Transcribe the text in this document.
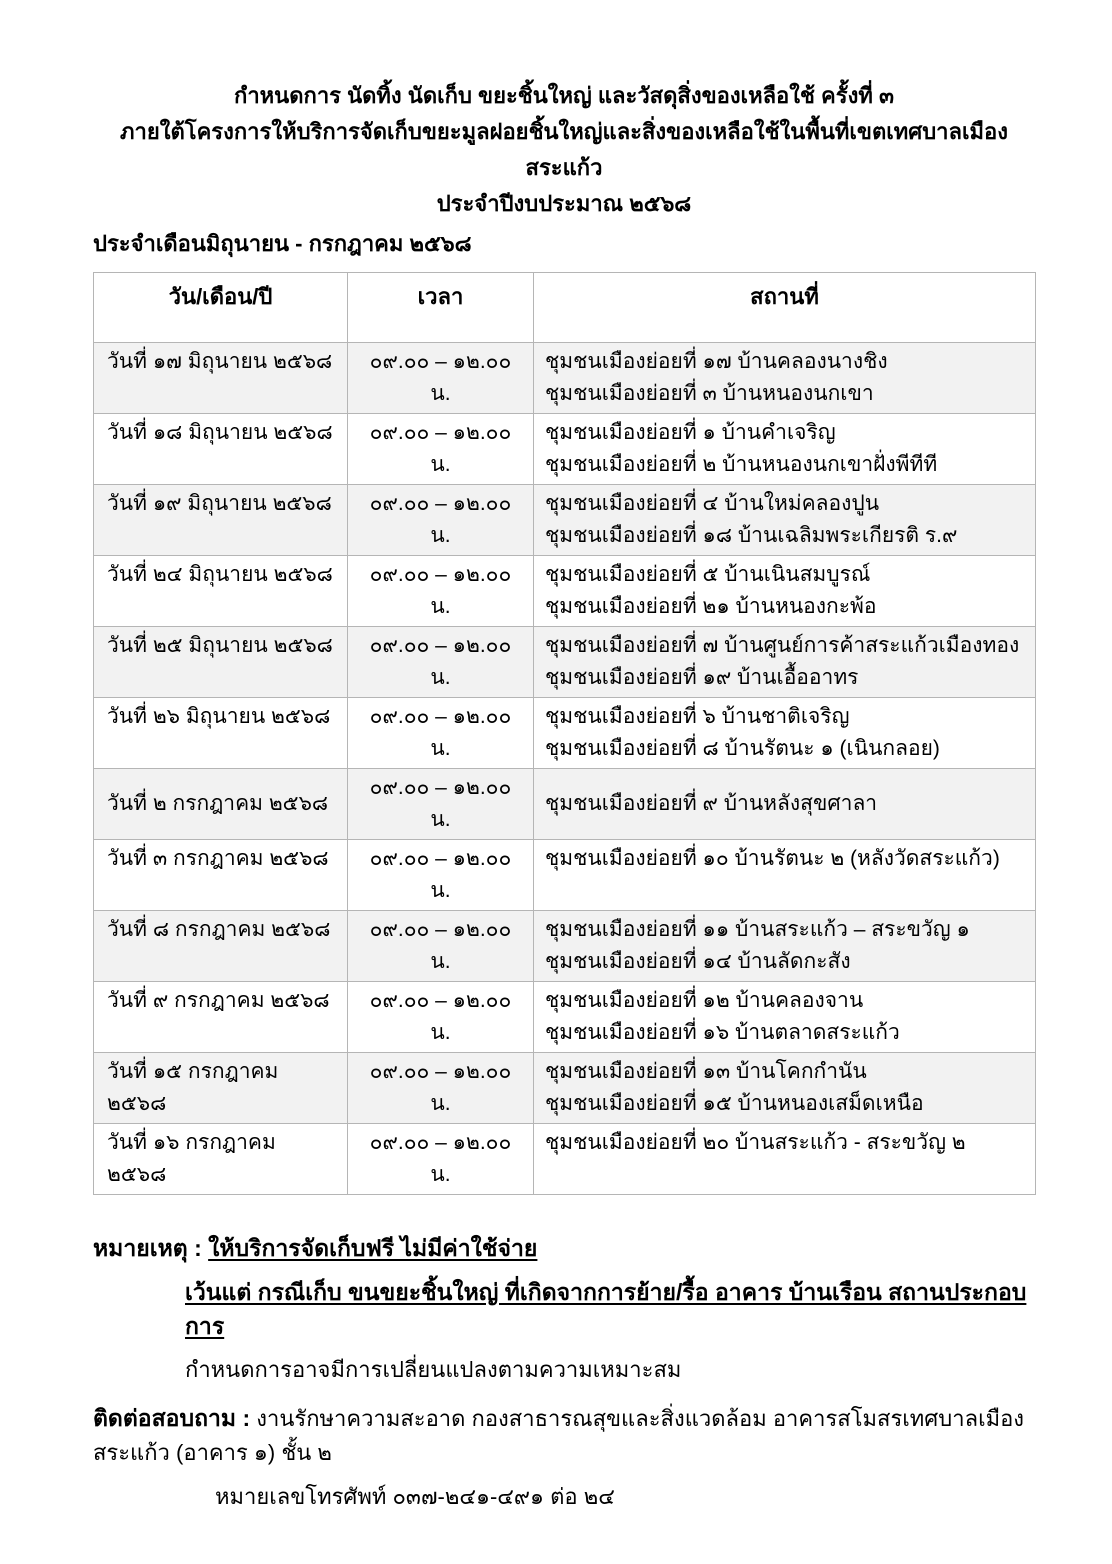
กำหนดการ นัดทิ้ง นัดเก็บ ขยะชิ้นใหญ่ และวัสดุสิ่งของเหลือใช้ ครั้งที่ ๓
ภายใต้โครงการให้บริการจัดเก็บขยะมูลฝอยชิ้นใหญ่และสิ่งของเหลือใช้ในพื้นที่เขตเทศบาลเมืองสระแก้ว
ประจำปีงบประมาณ ๒๕๖๘
ประจำเดือนมิถุนายน - กรกฎาคม ๒๕๖๘
วัน/เดือน/ปี	เวลา	สถานที่
วันที่ ๑๗ มิถุนายน ๒๕๖๘	๐๙.๐๐ – ๑๒.๐๐ น.	ชุมชนเมืองย่อยที่ ๑๗ บ้านคลองนางชิง
ชุมชนเมืองย่อยที่ ๓ บ้านหนองนกเขา

วันที่ ๑๘ มิถุนายน ๒๕๖๘	๐๙.๐๐ – ๑๒.๐๐ น.	ชุมชนเมืองย่อยที่ ๑ บ้านคำเจริญ
ชุมชนเมืองย่อยที่ ๒ บ้านหนองนกเขาฝั่งพีทีที

วันที่ ๑๙ มิถุนายน ๒๕๖๘	๐๙.๐๐ – ๑๒.๐๐ น.	ชุมชนเมืองย่อยที่ ๔ บ้านใหม่คลองปูน
ชุมชนเมืองย่อยที่ ๑๘ บ้านเฉลิมพระเกียรติ ร.๙

วันที่ ๒๔ มิถุนายน ๒๕๖๘	๐๙.๐๐ – ๑๒.๐๐ น.	ชุมชนเมืองย่อยที่ ๕ บ้านเนินสมบูรณ์
ชุมชนเมืองย่อยที่ ๒๑ บ้านหนองกะพ้อ

วันที่ ๒๕ มิถุนายน ๒๕๖๘	๐๙.๐๐ – ๑๒.๐๐ น.	ชุมชนเมืองย่อยที่ ๗ บ้านศูนย์การค้าสระแก้วเมืองทอง
ชุมชนเมืองย่อยที่ ๑๙ บ้านเอื้ออาทร

วันที่ ๒๖ มิถุนายน ๒๕๖๘	๐๙.๐๐ – ๑๒.๐๐ น.	ชุมชนเมืองย่อยที่ ๖ บ้านชาติเจริญ
ชุมชนเมืองย่อยที่ ๘ บ้านรัตนะ ๑ (เนินกลอย)

วันที่ ๒ กรกฎาคม ๒๕๖๘	๐๙.๐๐ – ๑๒.๐๐ น.	ชุมชนเมืองย่อยที่ ๙ บ้านหลังสุขศาลา

วันที่ ๓ กรกฎาคม ๒๕๖๘	๐๙.๐๐ – ๑๒.๐๐ น.	ชุมชนเมืองย่อยที่ ๑๐ บ้านรัตนะ ๒ (หลังวัดสระแก้ว)

วันที่ ๘ กรกฎาคม ๒๕๖๘	๐๙.๐๐ – ๑๒.๐๐ น.	ชุมชนเมืองย่อยที่ ๑๑ บ้านสระแก้ว – สระขวัญ ๑
ชุมชนเมืองย่อยที่ ๑๔ บ้านลัดกะสัง

วันที่ ๙ กรกฎาคม ๒๕๖๘	๐๙.๐๐ – ๑๒.๐๐ น.	ชุมชนเมืองย่อยที่ ๑๒ บ้านคลองจาน
ชุมชนเมืองย่อยที่ ๑๖ บ้านตลาดสระแก้ว

วันที่ ๑๕ กรกฎาคม ๒๕๖๘	๐๙.๐๐ – ๑๒.๐๐ น.	ชุมชนเมืองย่อยที่ ๑๓ บ้านโคกกำนัน
ชุมชนเมืองย่อยที่ ๑๕ บ้านหนองเสม็ดเหนือ

วันที่ ๑๖ กรกฎาคม ๒๕๖๘	๐๙.๐๐ – ๑๒.๐๐ น.	ชุมชนเมืองย่อยที่ ๒๐ บ้านสระแก้ว - สระขวัญ ๒
หมายเหตุ : ให้บริการจัดเก็บฟรี ไม่มีค่าใช้จ่าย
เว้นแต่ กรณีเก็บ ขนขยะชิ้นใหญ่ ที่เกิดจากการย้าย/รื้อ อาคาร บ้านเรือน สถานประกอบการ
กำหนดการอาจมีการเปลี่ยนแปลงตามความเหมาะสม
ติดต่อสอบถาม : งานรักษาความสะอาด กองสาธารณสุขและสิ่งแวดล้อม อาคารสโมสรเทศบาลเมืองสระแก้ว (อาคาร ๑) ชั้น ๒
หมายเลขโทรศัพท์ ๐๓๗-๒๔๑-๔๙๑ ต่อ ๒๔
